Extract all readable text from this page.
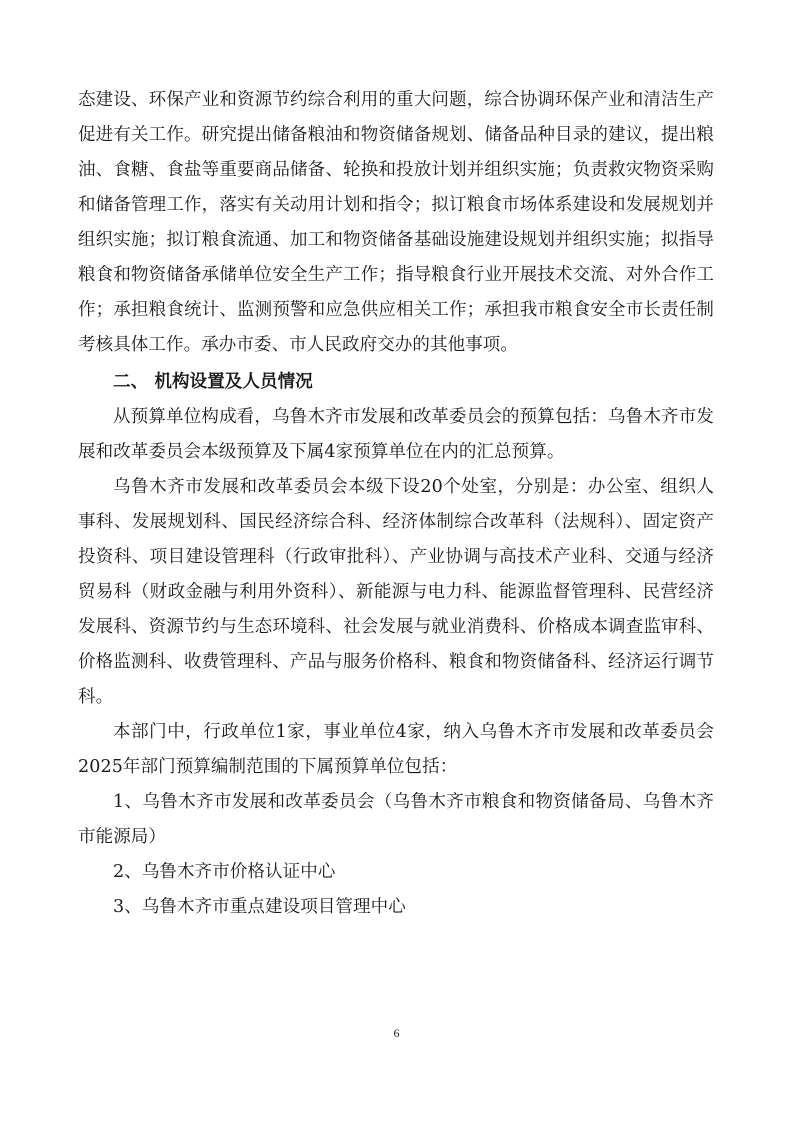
态建设、环保产业和资源节约综合利用的重大问题，综合协调环保产业和清洁生产促进有关工作。研究提出储备粮油和物资储备规划、储备品种目录的建议，提出粮油、食糖、食盐等重要商品储备、轮换和投放计划并组织实施；负责救灾物资采购和储备管理工作，落实有关动用计划和指令；拟订粮食市场体系建设和发展规划并组织实施；拟订粮食流通、加工和物资储备基础设施建设规划并组织实施；拟指导粮食和物资储备承储单位安全生产工作；指导粮食行业开展技术交流、对外合作工作；承担粮食统计、监测预警和应急供应相关工作；承担我市粮食安全市长责任制考核具体工作。承办市委、市人民政府交办的其他事项。

二、 机构设置及人员情况

从预算单位构成看，乌鲁木齐市发展和改革委员会的预算包括：乌鲁木齐市发展和改革委员会本级预算及下属4家预算单位在内的汇总预算。

乌鲁木齐市发展和改革委员会本级下设20个处室，分别是：办公室、组织人事科、发展规划科、国民经济综合科、经济体制综合改革科（法规科）、固定资产投资科、项目建设管理科（行政审批科）、产业协调与高技术产业科、交通与经济贸易科（财政金融与利用外资科）、新能源与电力科、能源监督管理科、民营经济发展科、资源节约与生态环境科、社会发展与就业消费科、价格成本调查监审科、价格监测科、收费管理科、产品与服务价格科、粮食和物资储备科、经济运行调节科。

本部门中，行政单位1家，事业单位4家，纳入乌鲁木齐市发展和改革委员会2025年部门预算编制范围的下属预算单位包括：

1、乌鲁木齐市发展和改革委员会（乌鲁木齐市粮食和物资储备局、乌鲁木齐市能源局）

2、乌鲁木齐市价格认证中心

3、乌鲁木齐市重点建设项目管理中心

6
